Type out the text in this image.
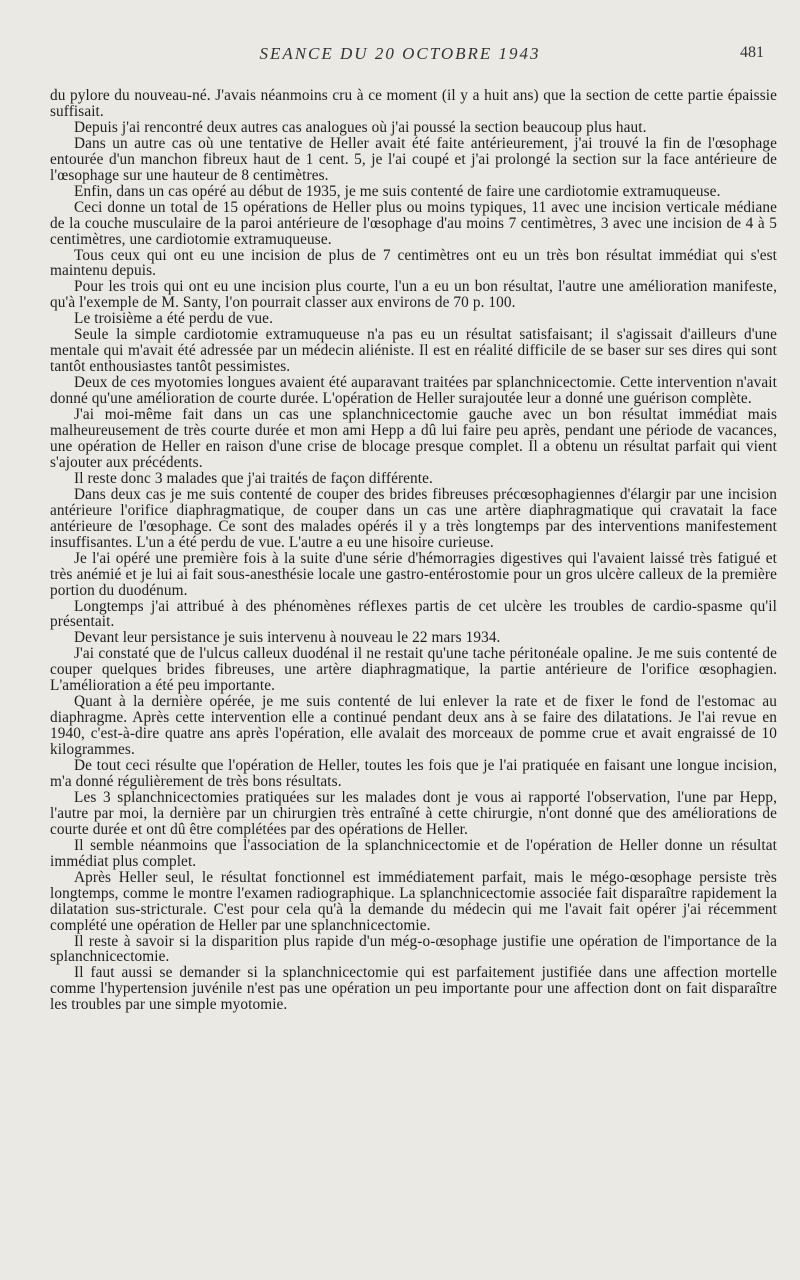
SEANCE DU 20 OCTOBRE 1943	481

du pylore du nouveau-né. J'avais néanmoins cru à ce moment (il y a huit ans) que la section de cette partie épaissie suffisait.

Depuis j'ai rencontré deux autres cas analogues où j'ai poussé la section beaucoup plus haut.

Dans un autre cas où une tentative de Heller avait été faite antérieurement, j'ai trouvé la fin de l'œsophage entourée d'un manchon fibreux haut de 1 cent. 5, je l'ai coupé et j'ai prolongé la section sur la face antérieure de l'œsophage sur une hauteur de 8 centimètres.

Enfin, dans un cas opéré au début de 1935, je me suis contenté de faire une cardiotomie extramuqueuse.

Ceci donne un total de 15 opérations de Heller plus ou moins typiques, 11 avec une incision verticale médiane de la couche musculaire de la paroi antérieure de l'œsophage d'au moins 7 centimètres, 3 avec une incision de 4 à 5 centimètres, une cardiotomie extramuqueuse.

Tous ceux qui ont eu une incision de plus de 7 centimètres ont eu un très bon résultat immédiat qui s'est maintenu depuis.

Pour les trois qui ont eu une incision plus courte, l'un a eu un bon résultat, l'autre une amélioration manifeste, qu'à l'exemple de M. Santy, l'on pourrait classer aux environs de 70 p. 100.

Le troisième a été perdu de vue.

Seule la simple cardiotomie extramuqueuse n'a pas eu un résultat satisfaisant; il s'agissait d'ailleurs d'une mentale qui m'avait été adressée par un médecin aliéniste. Il est en réalité difficile de se baser sur ses dires qui sont tantôt enthousiastes tantôt pessimistes.

Deux de ces myotomies longues avaient été auparavant traitées par splanchnicectomie. Cette intervention n'avait donné qu'une amélioration de courte durée. L'opération de Heller surajoutée leur a donné une guérison complète.

J'ai moi-même fait dans un cas une splanchnicectomie gauche avec un bon résultat immédiat mais malheureusement de très courte durée et mon ami Hepp a dû lui faire peu après, pendant une période de vacances, une opération de Heller en raison d'une crise de blocage presque complet. Il a obtenu un résultat parfait qui vient s'ajouter aux précédents.

Il reste donc 3 malades que j'ai traités de façon différente.

Dans deux cas je me suis contenté de couper des brides fibreuses précœsophagiennes d'élargir par une incision antérieure l'orifice diaphragmatique, de couper dans un cas une artère diaphragmatique qui cravatait la face antérieure de l'œsophage. Ce sont des malades opérés il y a très longtemps par des interventions manifestement insuffisantes. L'un a été perdu de vue. L'autre a eu une hisoire curieuse.

Je l'ai opéré une première fois à la suite d'une série d'hémorragies digestives qui l'avaient laissé très fatigué et très anémié et je lui ai fait sous-anesthésie locale une gastro-entérostomie pour un gros ulcère calleux de la première portion du duodénum.

Longtemps j'ai attribué à des phénomènes réflexes partis de cet ulcère les troubles de cardio-spasme qu'il présentait.

Devant leur persistance je suis intervenu à nouveau le 22 mars 1934.

J'ai constaté que de l'ulcus calleux duodénal il ne restait qu'une tache péritonéale opaline. Je me suis contenté de couper quelques brides fibreuses, une artère diaphragmatique, la partie antérieure de l'orifice œsophagien. L'amélioration a été peu importante.

Quant à la dernière opérée, je me suis contenté de lui enlever la rate et de fixer le fond de l'estomac au diaphragme. Après cette intervention elle a continué pendant deux ans à se faire des dilatations. Je l'ai revue en 1940, c'est-à-dire quatre ans après l'opération, elle avalait des morceaux de pomme crue et avait engraissé de 10 kilogrammes.

De tout ceci résulte que l'opération de Heller, toutes les fois que je l'ai pratiquée en faisant une longue incision, m'a donné régulièrement de très bons résultats.

Les 3 splanchnicectomies pratiquées sur les malades dont je vous ai rapporté l'observation, l'une par Hepp, l'autre par moi, la dernière par un chirurgien très entraîné à cette chirurgie, n'ont donné que des améliorations de courte durée et ont dû être complétées par des opérations de Heller.

Il semble néanmoins que l'association de la splanchnicectomie et de l'opération de Heller donne un résultat immédiat plus complet.

Après Heller seul, le résultat fonctionnel est immédiatement parfait, mais le mégo-œsophage persiste très longtemps, comme le montre l'examen radiographique. La splanchnicectomie associée fait disparaître rapidement la dilatation sus-stricturale. C'est pour cela qu'à la demande du médecin qui me l'avait fait opérer j'ai récemment complété une opération de Heller par une splanchnicectomie.

Il reste à savoir si la disparition plus rapide d'un még-o-œsophage justifie une opération de l'importance de la splanchnicectomie.

Il faut aussi se demander si la splanchnicectomie qui est parfaitement justifiée dans une affection mortelle comme l'hypertension juvénile n'est pas une opération un peu importante pour une affection dont on fait disparaître les troubles par une simple myotomie.
